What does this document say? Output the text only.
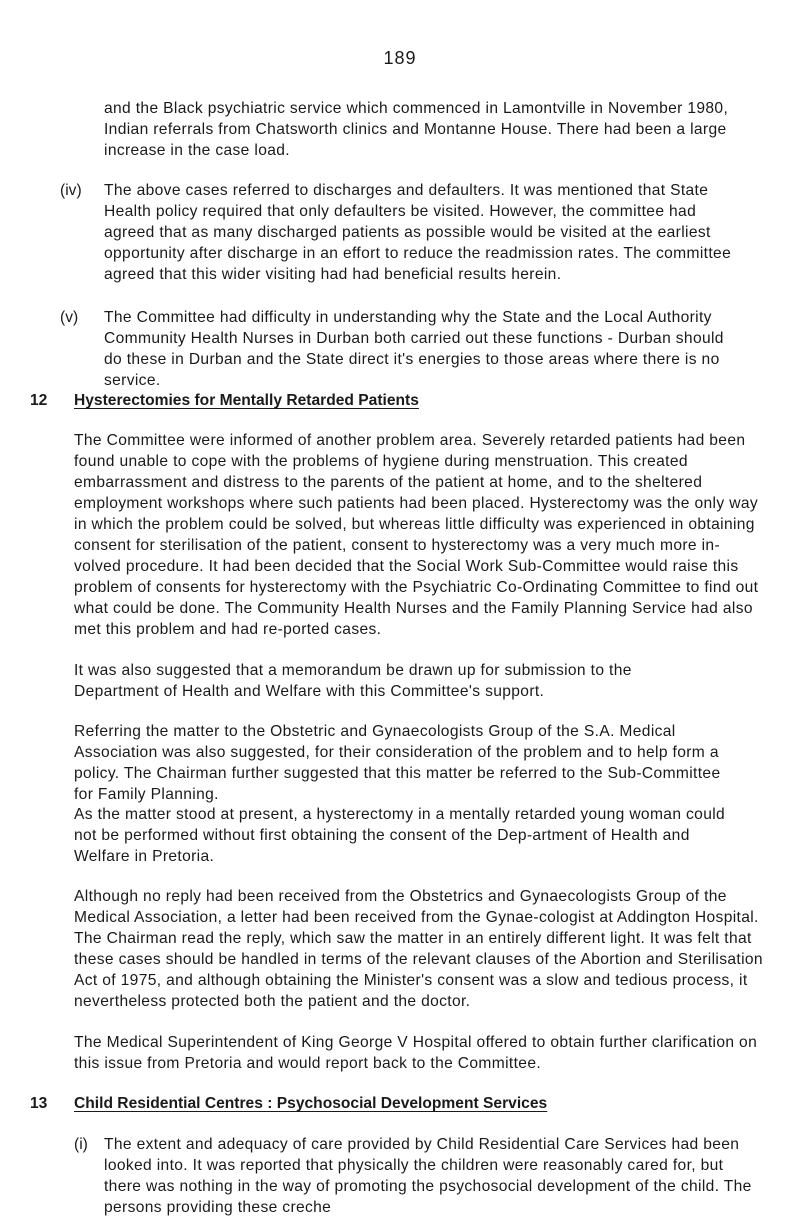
189

and the Black psychiatric service which commenced in Lamontville in November 1980, Indian referrals from Chatsworth clinics and Montanne House. There had been a large increase in the case load.

(iv) The above cases referred to discharges and defaulters. It was mentioned that State Health policy required that only defaulters be visited. However, the committee had agreed that as many discharged patients as possible would be visited at the earliest opportunity after discharge in an effort to reduce the readmission rates. The committee agreed that this wider visiting had had beneficial results herein.

(v) The Committee had difficulty in understanding why the State and the Local Authority Community Health Nurses in Durban both carried out these functions - Durban should do these in Durban and the State direct it's energies to those areas where there is no service.

12 Hysterectomies for Mentally Retarded Patients

The Committee were informed of another problem area. Severely retarded patients had been found unable to cope with the problems of hygiene during menstruation. This created embarrassment and distress to the parents of the patient at home, and to the sheltered employment workshops where such patients had been placed. Hysterectomy was the only way in which the problem could be solved, but whereas little difficulty was experienced in obtaining consent for sterilisation of the patient, consent to hysterectomy was a very much more in-volved procedure. It had been decided that the Social Work Sub-Committee would raise this problem of consents for hysterectomy with the Psychiatric Co-Ordinating Committee to find out what could be done. The Community Health Nurses and the Family Planning Service had also met this problem and had re-ported cases.

It was also suggested that a memorandum be drawn up for submission to the Department of Health and Welfare with this Committee's support.

Referring the matter to the Obstetric and Gynaecologists Group of the S.A. Medical Association was also suggested, for their consideration of the problem and to help form a policy. The Chairman further suggested that this matter be referred to the Sub-Committee for Family Planning.

As the matter stood at present, a hysterectomy in a mentally retarded young woman could not be performed without first obtaining the consent of the Dep-artment of Health and Welfare in Pretoria.

Although no reply had been received from the Obstetrics and Gynaecologists Group of the Medical Association, a letter had been received from the Gynae-cologist at Addington Hospital. The Chairman read the reply, which saw the matter in an entirely different light. It was felt that these cases should be handled in terms of the relevant clauses of the Abortion and Sterilisation Act of 1975, and although obtaining the Minister's consent was a slow and tedious process, it nevertheless protected both the patient and the doctor.

The Medical Superintendent of King George V Hospital offered to obtain further clarification on this issue from Pretoria and would report back to the Committee.

13 Child Residential Centres : Psychosocial Development Services

(i) The extent and adequacy of care provided by Child Residential Care Services had been looked into. It was reported that physically the children were reasonably cared for, but there was nothing in the way of promoting the psychosocial development of the child. The persons providing these creche
